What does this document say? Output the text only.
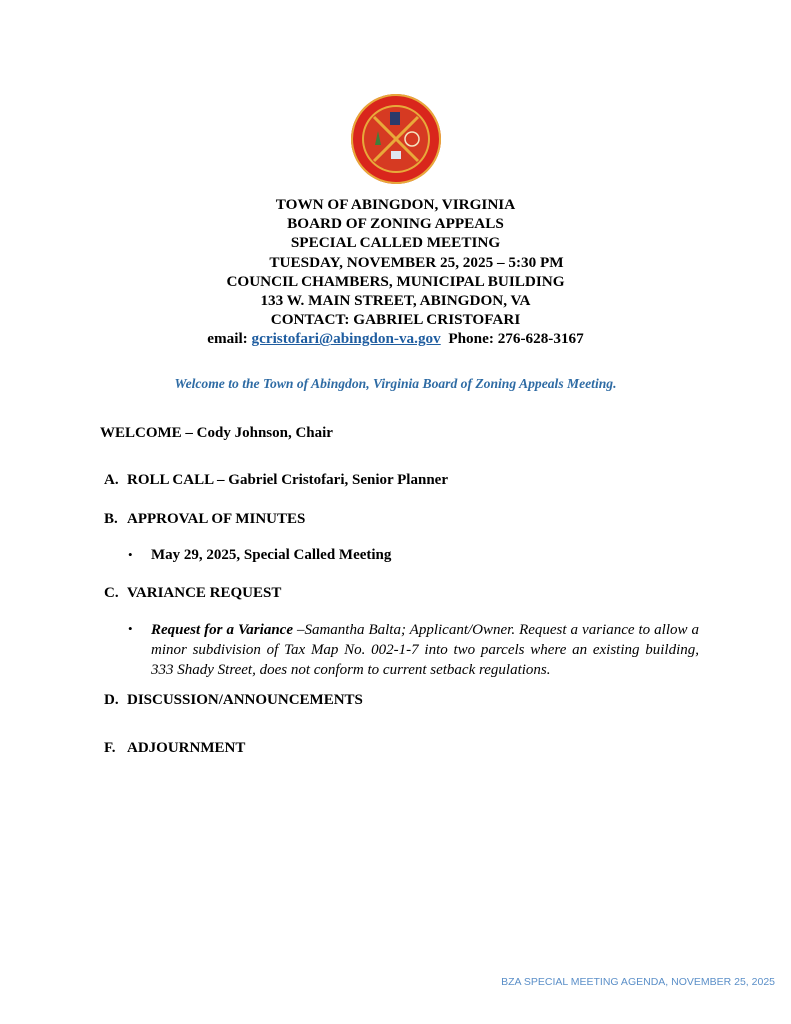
TOWN OF ABINGDON, VIRGINIA
BOARD OF ZONING APPEALS
SPECIAL CALLED MEETING
TUESDAY, NOVEMBER 25, 2025 – 5:30 PM
COUNCIL CHAMBERS, MUNICIPAL BUILDING
133 W. MAIN STREET, ABINGDON, VA
CONTACT: GABRIEL CRISTOFARI
email: gcristofari@abingdon-va.gov Phone: 276-628-3167
Welcome to the Town of Abingdon, Virginia Board of Zoning Appeals Meeting.
WELCOME – Cody Johnson, Chair
A. ROLL CALL – Gabriel Cristofari, Senior Planner
B. APPROVAL OF MINUTES
• May 29, 2025, Special Called Meeting
C. VARIANCE REQUEST
• Request for a Variance –Samantha Balta; Applicant/Owner. Request a variance to allow a minor subdivision of Tax Map No. 002-1-7 into two parcels where an existing building, 333 Shady Street, does not conform to current setback regulations.
D. DISCUSSION/ANNOUNCEMENTS
F. ADJOURNMENT
BZA SPECIAL MEETING AGENDA, NOVEMBER 25, 2025
